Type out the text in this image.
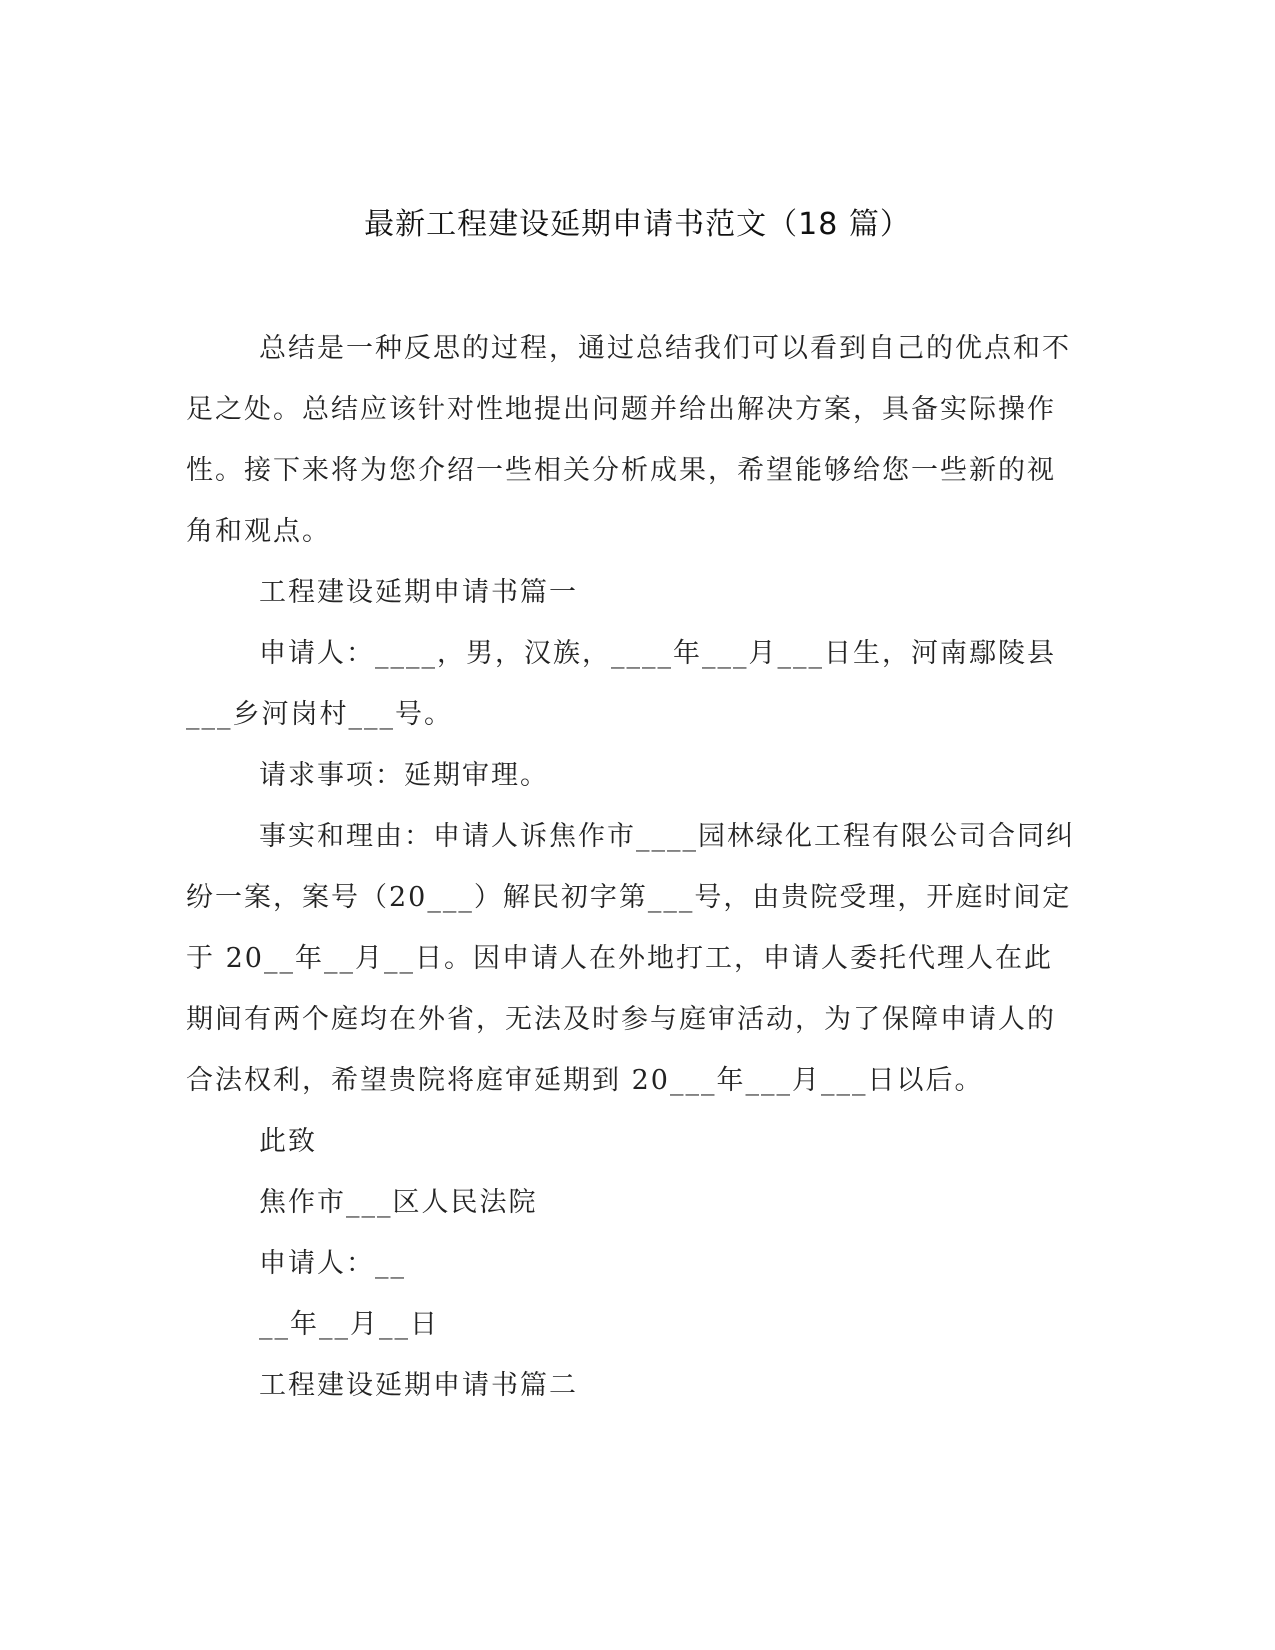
最新工程建设延期申请书范文（18 篇）

总结是一种反思的过程，通过总结我们可以看到自己的优点和不足之处。总结应该针对性地提出问题并给出解决方案，具备实际操作性。接下来将为您介绍一些相关分析成果，希望能够给您一些新的视角和观点。

工程建设延期申请书篇一

申请人：____，男，汉族，____年___月___日生，河南鄢陵县___乡河岗村___号。

请求事项：延期审理。

事实和理由：申请人诉焦作市____园林绿化工程有限公司合同纠纷一案，案号（20___）解民初字第___号，由贵院受理，开庭时间定于 20__年__月__日。因申请人在外地打工，申请人委托代理人在此期间有两个庭均在外省，无法及时参与庭审活动，为了保障申请人的合法权利，希望贵院将庭审延期到 20___年___月___日以后。

此致

焦作市___区人民法院

申请人：__

__年__月__日

工程建设延期申请书篇二
